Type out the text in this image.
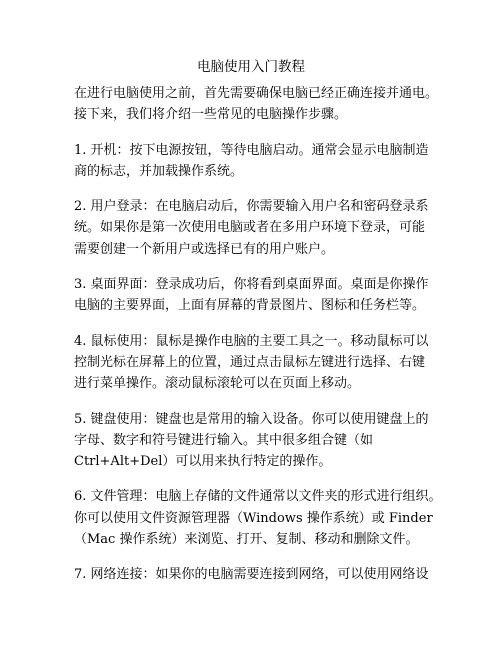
电脑使用入门教程

在进行电脑使用之前，首先需要确保电脑已经正确连接并通电。
接下来，我们将介绍一些常见的电脑操作步骤。

1. 开机：按下电源按钮，等待电脑启动。通常会显示电脑制造
商的标志，并加载操作系统。

2. 用户登录：在电脑启动后，你需要输入用户名和密码登录系
统。如果你是第一次使用电脑或者在多用户环境下登录，可能
需要创建一个新用户或选择已有的用户账户。

3. 桌面界面：登录成功后，你将看到桌面界面。桌面是你操作
电脑的主要界面，上面有屏幕的背景图片、图标和任务栏等。

4. 鼠标使用：鼠标是操作电脑的主要工具之一。移动鼠标可以
控制光标在屏幕上的位置，通过点击鼠标左键进行选择、右键
进行菜单操作。滚动鼠标滚轮可以在页面上移动。

5. 键盘使用：键盘也是常用的输入设备。你可以使用键盘上的
字母、数字和符号键进行输入。其中很多组合键（如
Ctrl+Alt+Del）可以用来执行特定的操作。

6. 文件管理：电脑上存储的文件通常以文件夹的形式进行组织。
你可以使用文件资源管理器（Windows 操作系统）或 Finder
（Mac 操作系统）来浏览、打开、复制、移动和删除文件。

7. 网络连接：如果你的电脑需要连接到网络，可以使用网络设
